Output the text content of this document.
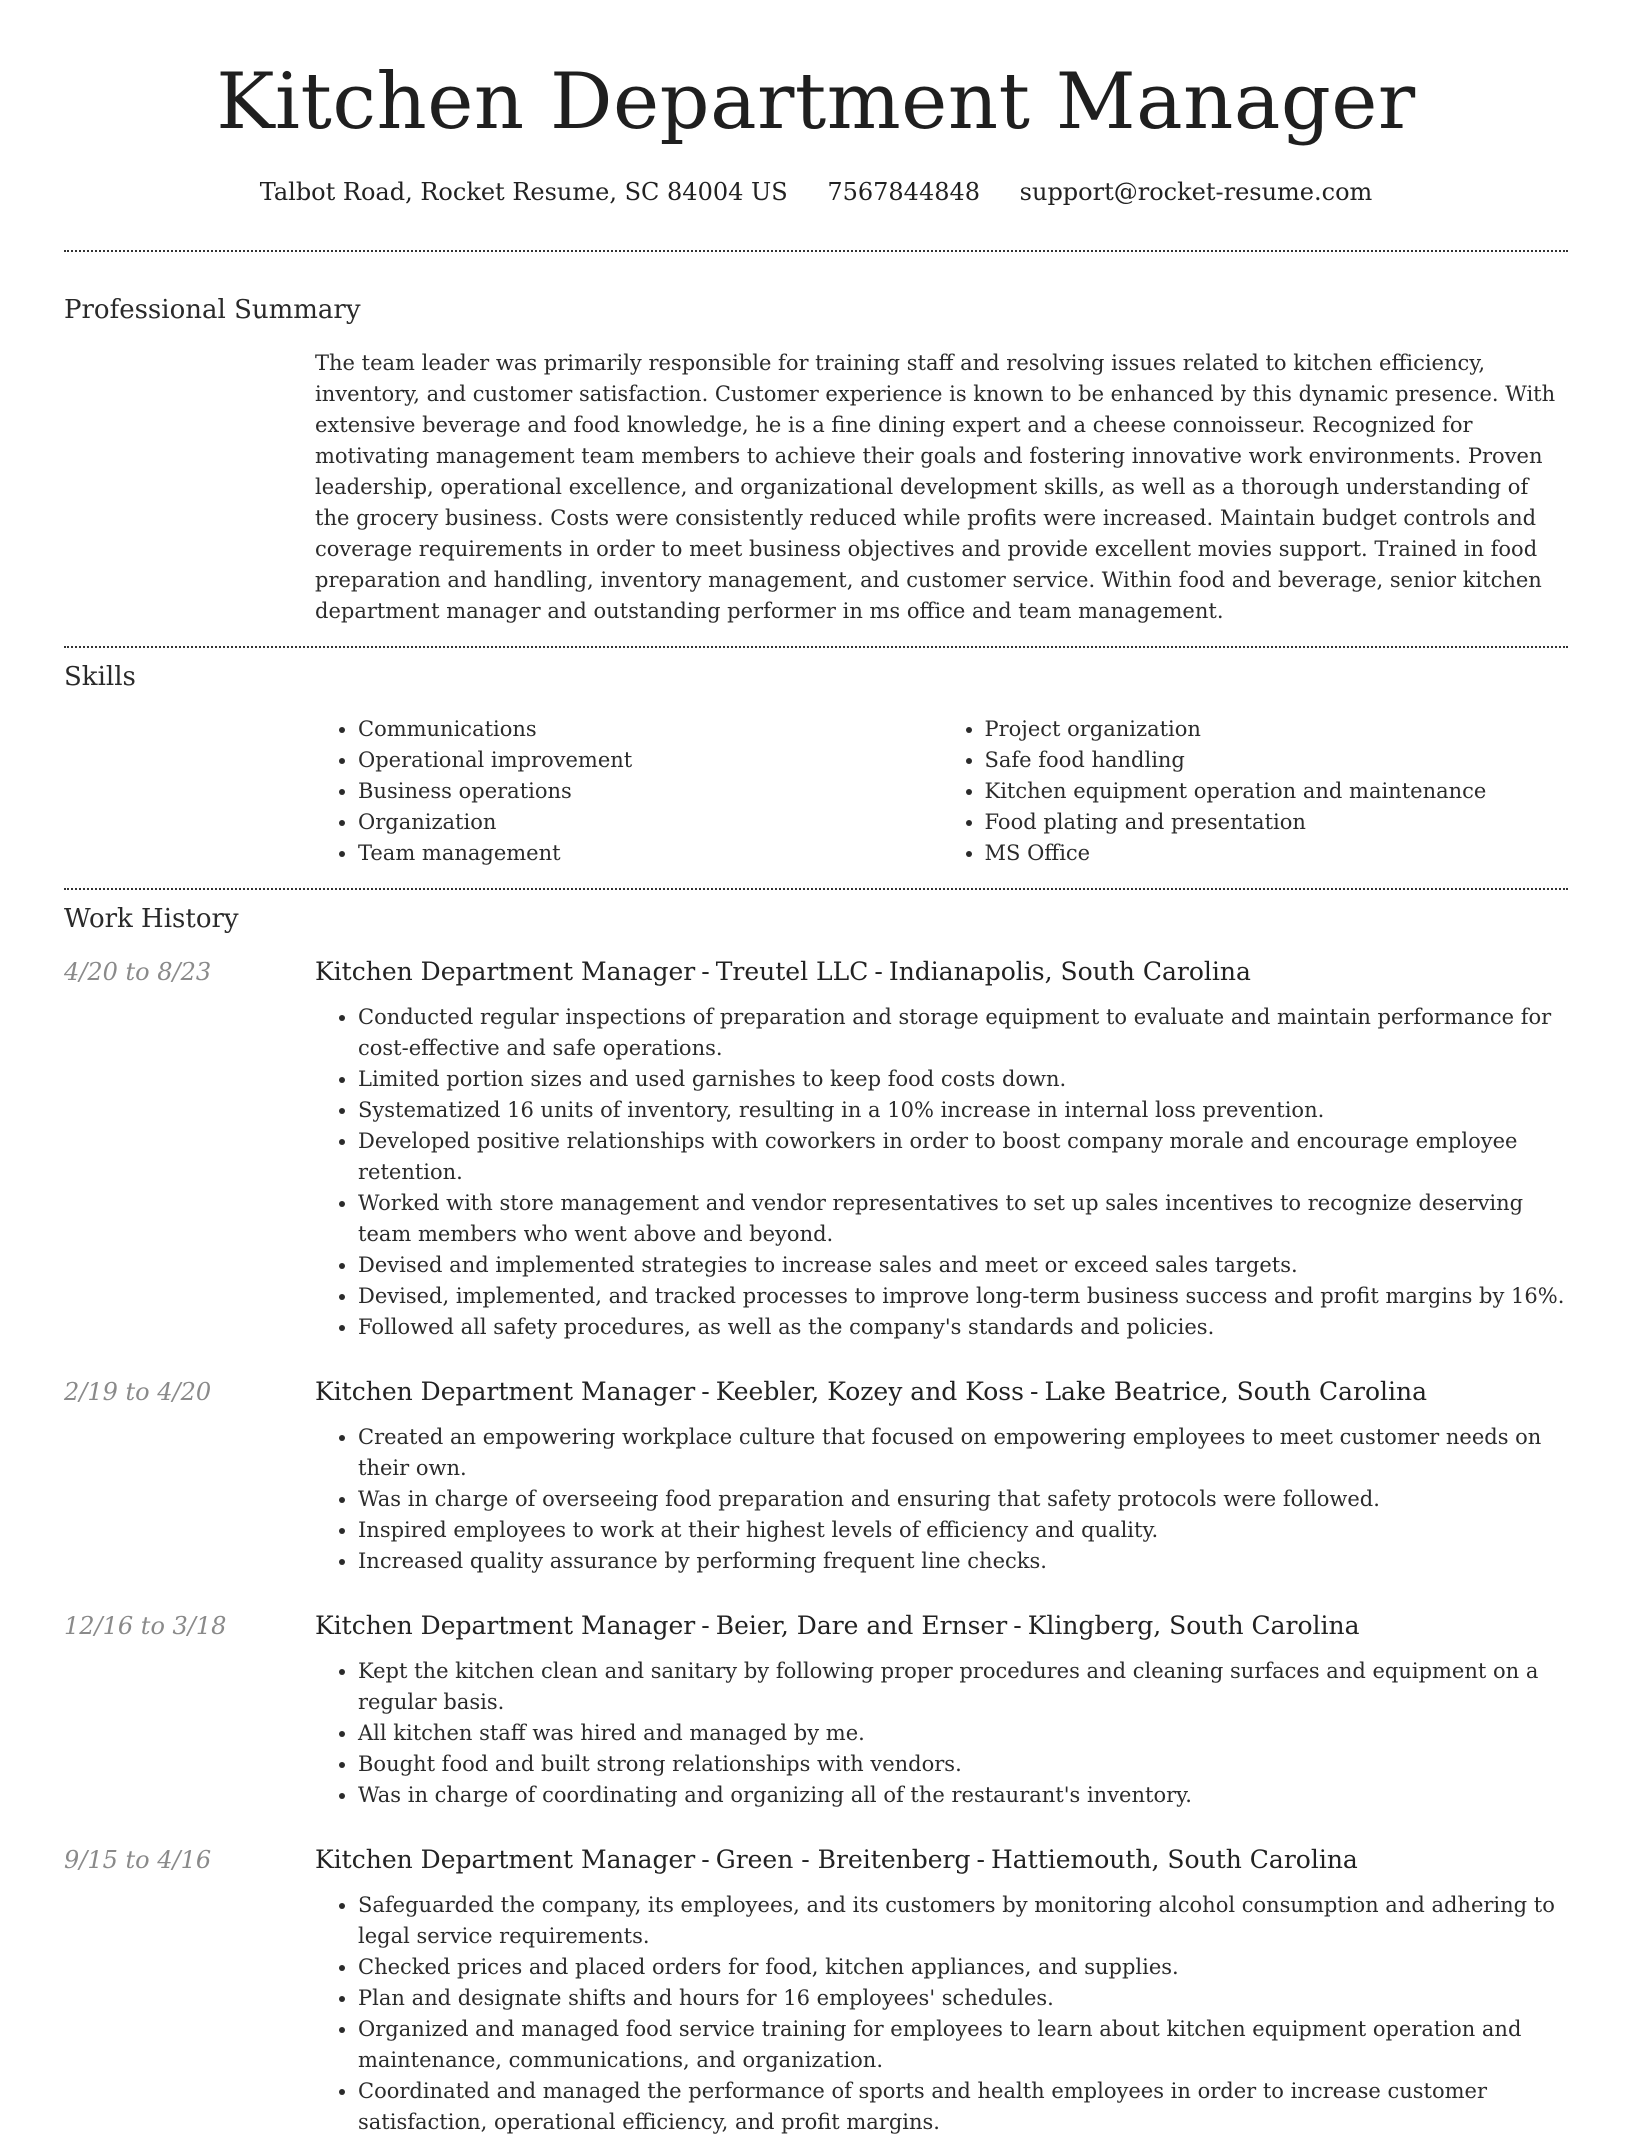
Kitchen Department Manager
Talbot Road, Rocket Resume, SC 84004 US 7567844848 support@rocket-resume.com
Professional Summary

The team leader was primarily responsible for training staff and resolving issues related to kitchen efficiency, inventory, and customer satisfaction. Customer experience is known to be enhanced by this dynamic presence. With extensive beverage and food knowledge, he is a fine dining expert and a cheese connoisseur. Recognized for motivating management team members to achieve their goals and fostering innovative work environments. Proven leadership, operational excellence, and organizational development skills, as well as a thorough understanding of the grocery business. Costs were consistently reduced while profits were increased. Maintain budget controls and coverage requirements in order to meet business objectives and provide excellent movies support. Trained in food preparation and handling, inventory management, and customer service. Within food and beverage, senior kitchen department manager and outstanding performer in ms office and team management.

Skills
• Communications
• Operational improvement
• Business operations
• Organization
• Team management
• Project organization
• Safe food handling
• Kitchen equipment operation and maintenance
• Food plating and presentation
• MS Office
Work History
4/20 to 8/23	Kitchen Department Manager - Treutel LLC - Indianapolis, South Carolina
• Conducted regular inspections of preparation and storage equipment to evaluate and maintain performance for cost-effective and safe operations.
• Limited portion sizes and used garnishes to keep food costs down.
• Systematized 16 units of inventory, resulting in a 10% increase in internal loss prevention.
• Developed positive relationships with coworkers in order to boost company morale and encourage employee retention.
• Worked with store management and vendor representatives to set up sales incentives to recognize deserving team members who went above and beyond.
• Devised and implemented strategies to increase sales and meet or exceed sales targets.
• Devised, implemented, and tracked processes to improve long-term business success and profit margins by 16%.
• Followed all safety procedures, as well as the company's standards and policies.
2/19 to 4/20	Kitchen Department Manager - Keebler, Kozey and Koss - Lake Beatrice, South Carolina
• Created an empowering workplace culture that focused on empowering employees to meet customer needs on their own.
• Was in charge of overseeing food preparation and ensuring that safety protocols were followed.
• Inspired employees to work at their highest levels of efficiency and quality.
• Increased quality assurance by performing frequent line checks.
12/16 to 3/18	Kitchen Department Manager - Beier, Dare and Ernser - Klingberg, South Carolina
• Kept the kitchen clean and sanitary by following proper procedures and cleaning surfaces and equipment on a regular basis.
• All kitchen staff was hired and managed by me.
• Bought food and built strong relationships with vendors.
• Was in charge of coordinating and organizing all of the restaurant's inventory.
9/15 to 4/16	Kitchen Department Manager - Green - Breitenberg - Hattiemouth, South Carolina
• Safeguarded the company, its employees, and its customers by monitoring alcohol consumption and adhering to legal service requirements.
• Checked prices and placed orders for food, kitchen appliances, and supplies.
• Plan and designate shifts and hours for 16 employees' schedules.
• Organized and managed food service training for employees to learn about kitchen equipment operation and maintenance, communications, and organization.
• Coordinated and managed the performance of sports and health employees in order to increase customer satisfaction, operational efficiency, and profit margins.
